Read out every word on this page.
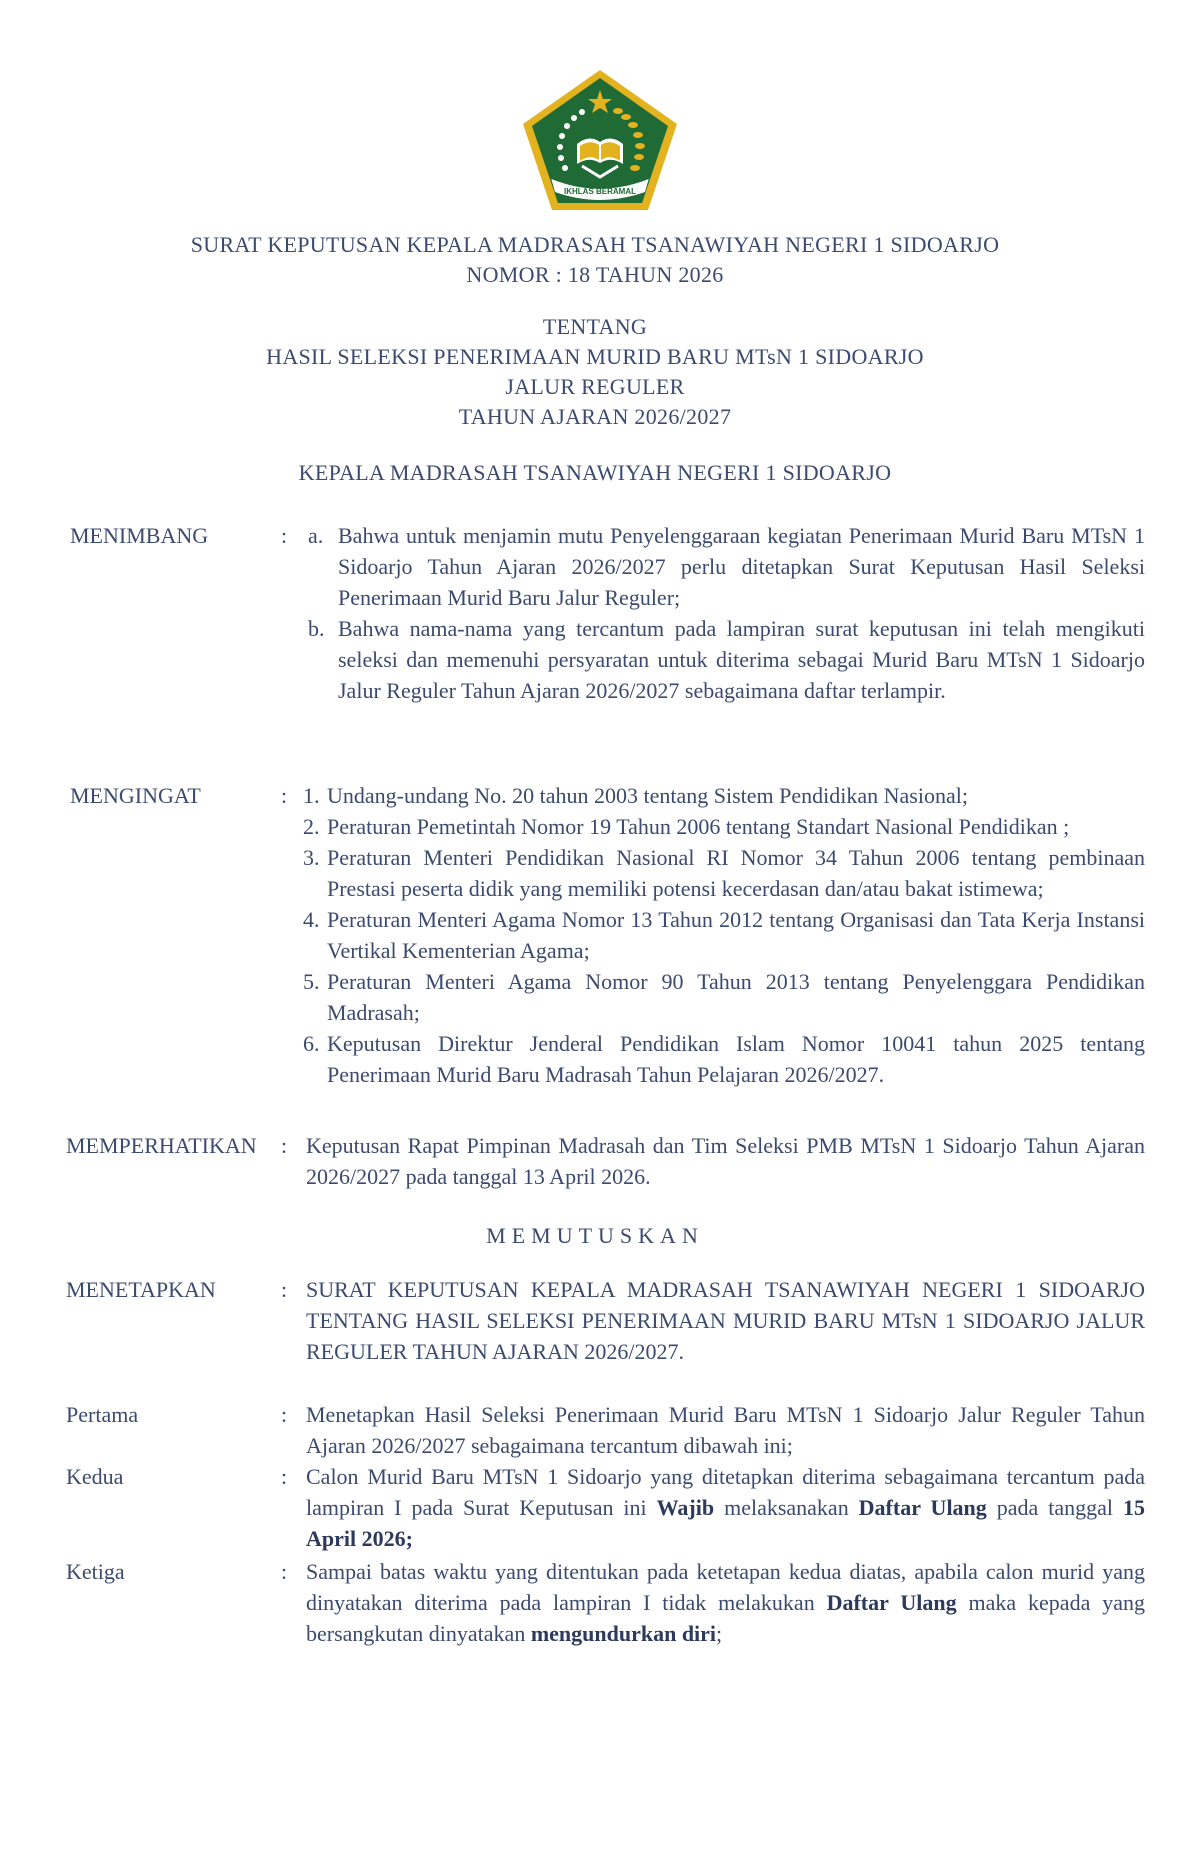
IKHLAS BERAMAL
SURAT KEPUTUSAN KEPALA MADRASAH TSANAWIYAH NEGERI 1 SIDOARJO
NOMOR : 18 TAHUN 2026
TENTANG
HASIL SELEKSI PENERIMAAN MURID BARU MTsN 1 SIDOARJO
JALUR REGULER
TAHUN AJARAN 2026/2027
KEPALA MADRASAH TSANAWIYAH NEGERI 1 SIDOARJO
MENIMBANG	: a. Bahwa untuk menjamin mutu Penyelenggaraan kegiatan Penerimaan Murid Baru MTsN 1 Sidoarjo Tahun Ajaran 2026/2027 perlu ditetapkan Surat Keputusan Hasil Seleksi Penerimaan Murid Baru Jalur Reguler;
b. Bahwa nama-nama yang tercantum pada lampiran surat keputusan ini telah mengikuti seleksi dan memenuhi persyaratan untuk diterima sebagai Murid Baru MTsN 1 Sidoarjo Jalur Reguler Tahun Ajaran 2026/2027 sebagaimana daftar terlampir.
MENGINGAT	: 1. Undang-undang No. 20 tahun 2003 tentang Sistem Pendidikan Nasional;
2. Peraturan Pemetintah Nomor 19 Tahun 2006 tentang Standart Nasional Pendidikan ;
3. Peraturan Menteri Pendidikan Nasional RI Nomor 34 Tahun 2006 tentang pembinaan Prestasi peserta didik yang memiliki potensi kecerdasan dan/atau bakat istimewa;
4. Peraturan Menteri Agama Nomor 13 Tahun 2012 tentang Organisasi dan Tata Kerja Instansi Vertikal Kementerian Agama;
5. Peraturan Menteri Agama Nomor 90 Tahun 2013 tentang Penyelenggara Pendidikan Madrasah;
6. Keputusan Direktur Jenderal Pendidikan Islam Nomor 10041 tahun 2025 tentang Penerimaan Murid Baru Madrasah Tahun Pelajaran 2026/2027.
MEMPERHATIKAN : Keputusan Rapat Pimpinan Madrasah dan Tim Seleksi PMB MTsN 1 Sidoarjo Tahun Ajaran 2026/2027 pada tanggal 13 April 2026.
MEMUTUSKAN
MENETAPKAN	: SURAT KEPUTUSAN KEPALA MADRASAH TSANAWIYAH NEGERI 1 SIDOARJO TENTANG HASIL SELEKSI PENERIMAAN MURID BARU MTsN 1 SIDOARJO JALUR REGULER TAHUN AJARAN 2026/2027.
Pertama	: Menetapkan Hasil Seleksi Penerimaan Murid Baru MTsN 1 Sidoarjo Jalur Reguler Tahun Ajaran 2026/2027 sebagaimana tercantum dibawah ini;
Kedua	: Calon Murid Baru MTsN 1 Sidoarjo yang ditetapkan diterima sebagaimana tercantum pada lampiran I pada Surat Keputusan ini Wajib melaksanakan Daftar Ulang pada tanggal 15 April 2026;
Ketiga	: Sampai batas waktu yang ditentukan pada ketetapan kedua diatas, apabila calon murid yang dinyatakan diterima pada lampiran I tidak melakukan Daftar Ulang maka kepada yang bersangkutan dinyatakan mengundurkan diri;
